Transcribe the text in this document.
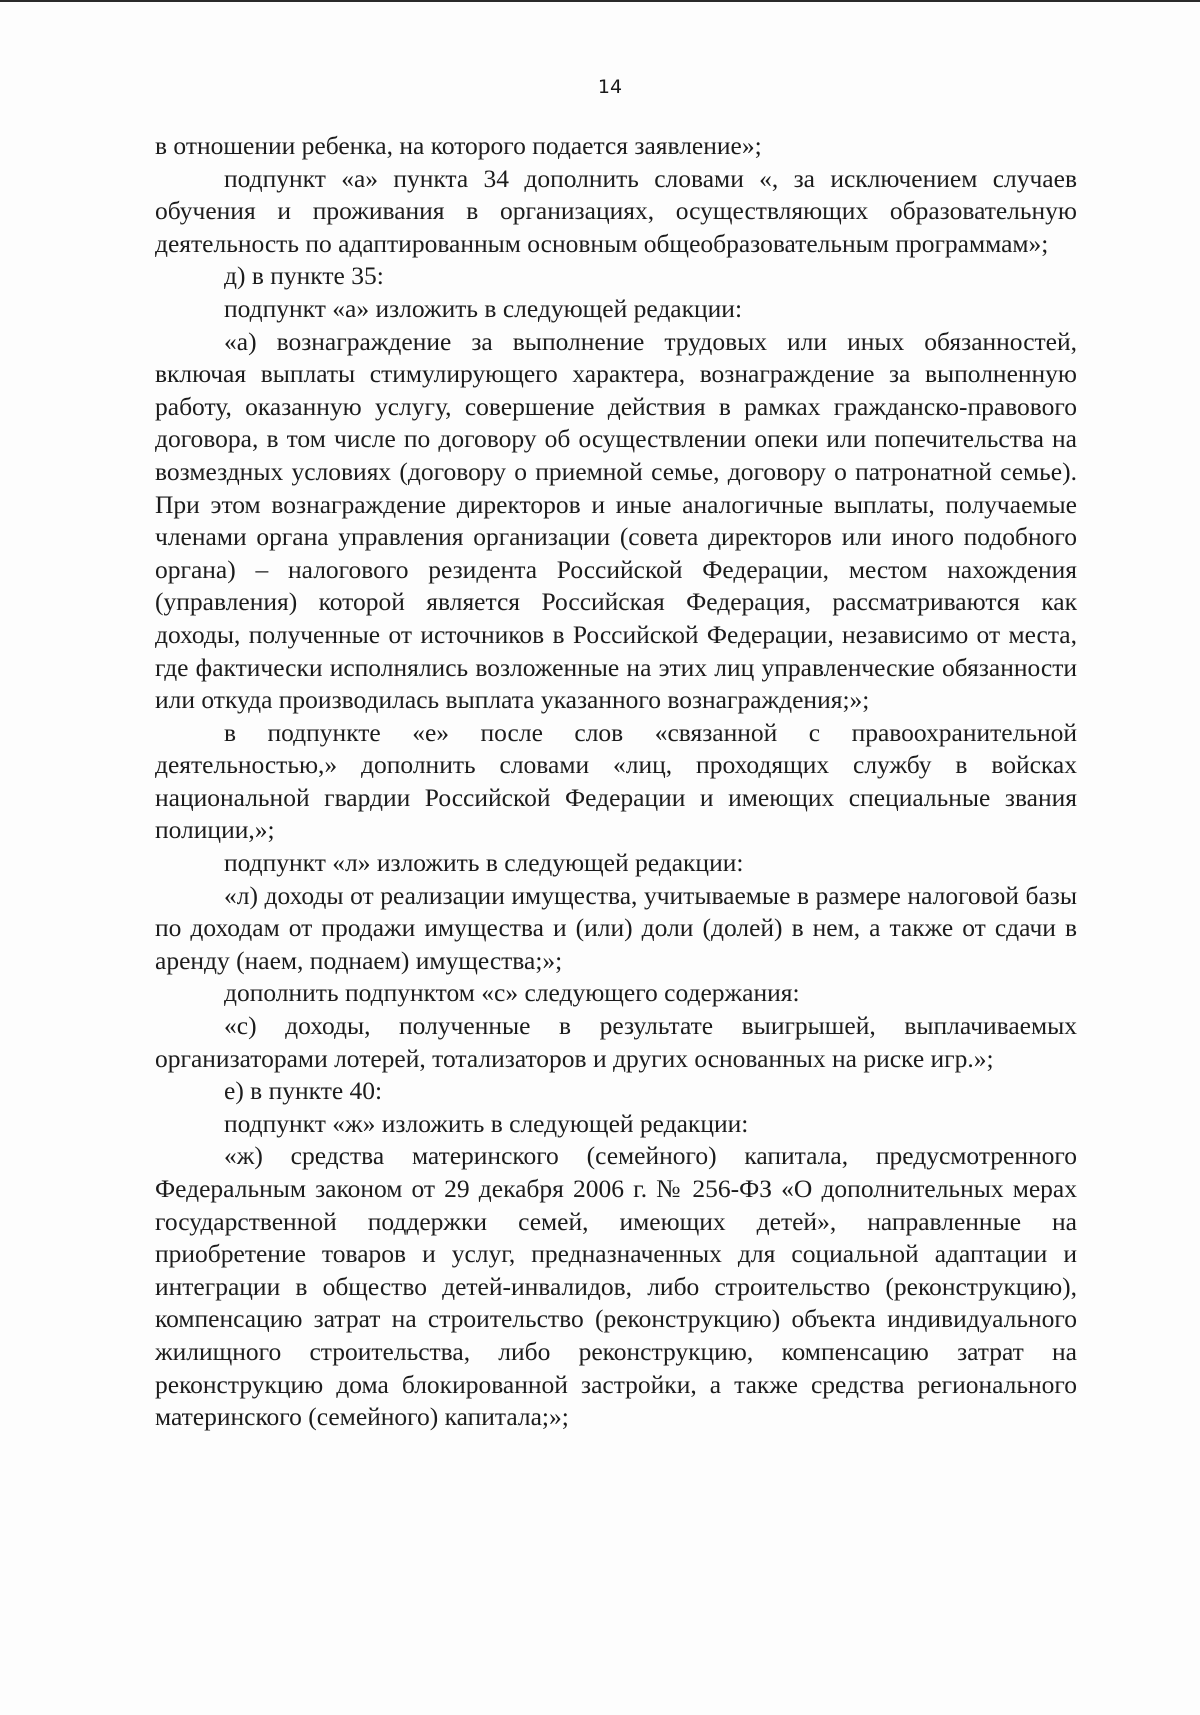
14

в отношении ребенка, на которого подается заявление»;

подпункт «а» пункта 34 дополнить словами «, за исключением случаев обучения и проживания в организациях, осуществляющих образовательную деятельность по адаптированным основным общеобразовательным программам»;

д) в пункте 35:

подпункт «а» изложить в следующей редакции:

«а) вознаграждение за выполнение трудовых или иных обязанностей, включая выплаты стимулирующего характера, вознаграждение за выполненную работу, оказанную услугу, совершение действия в рамках гражданско-правового договора, в том числе по договору об осуществлении опеки или попечительства на возмездных условиях (договору о приемной семье, договору о патронатной семье). При этом вознаграждение директоров и иные аналогичные выплаты, получаемые членами органа управления организации (совета директоров или иного подобного органа) – налогового резидента Российской Федерации, местом нахождения (управления) которой является Российская Федерация, рассматриваются как доходы, полученные от источников в Российской Федерации, независимо от места, где фактически исполнялись возложенные на этих лиц управленческие обязанности или откуда производилась выплата указанного вознаграждения;»;

в подпункте «е» после слов «связанной с правоохранительной деятельностью,» дополнить словами «лиц, проходящих службу в войсках национальной гвардии Российской Федерации и имеющих специальные звания полиции,»;

подпункт «л» изложить в следующей редакции:

«л) доходы от реализации имущества, учитываемые в размере налоговой базы по доходам от продажи имущества и (или) доли (долей) в нем, а также от сдачи в аренду (наем, поднаем) имущества;»;

дополнить подпунктом «с» следующего содержания:

«с) доходы, полученные в результате выигрышей, выплачиваемых организаторами лотерей, тотализаторов и других основанных на риске игр.»;

е) в пункте 40:

подпункт «ж» изложить в следующей редакции:

«ж) средства материнского (семейного) капитала, предусмотренного Федеральным законом от 29 декабря 2006 г. № 256-ФЗ «О дополнительных мерах государственной поддержки семей, имеющих детей», направленные на приобретение товаров и услуг, предназначенных для социальной адаптации и интеграции в общество детей-инвалидов, либо строительство (реконструкцию), компенсацию затрат на строительство (реконструкцию) объекта индивидуального жилищного строительства, либо реконструкцию, компенсацию затрат на реконструкцию дома блокированной застройки, а также средства регионального материнского (семейного) капитала;»;
